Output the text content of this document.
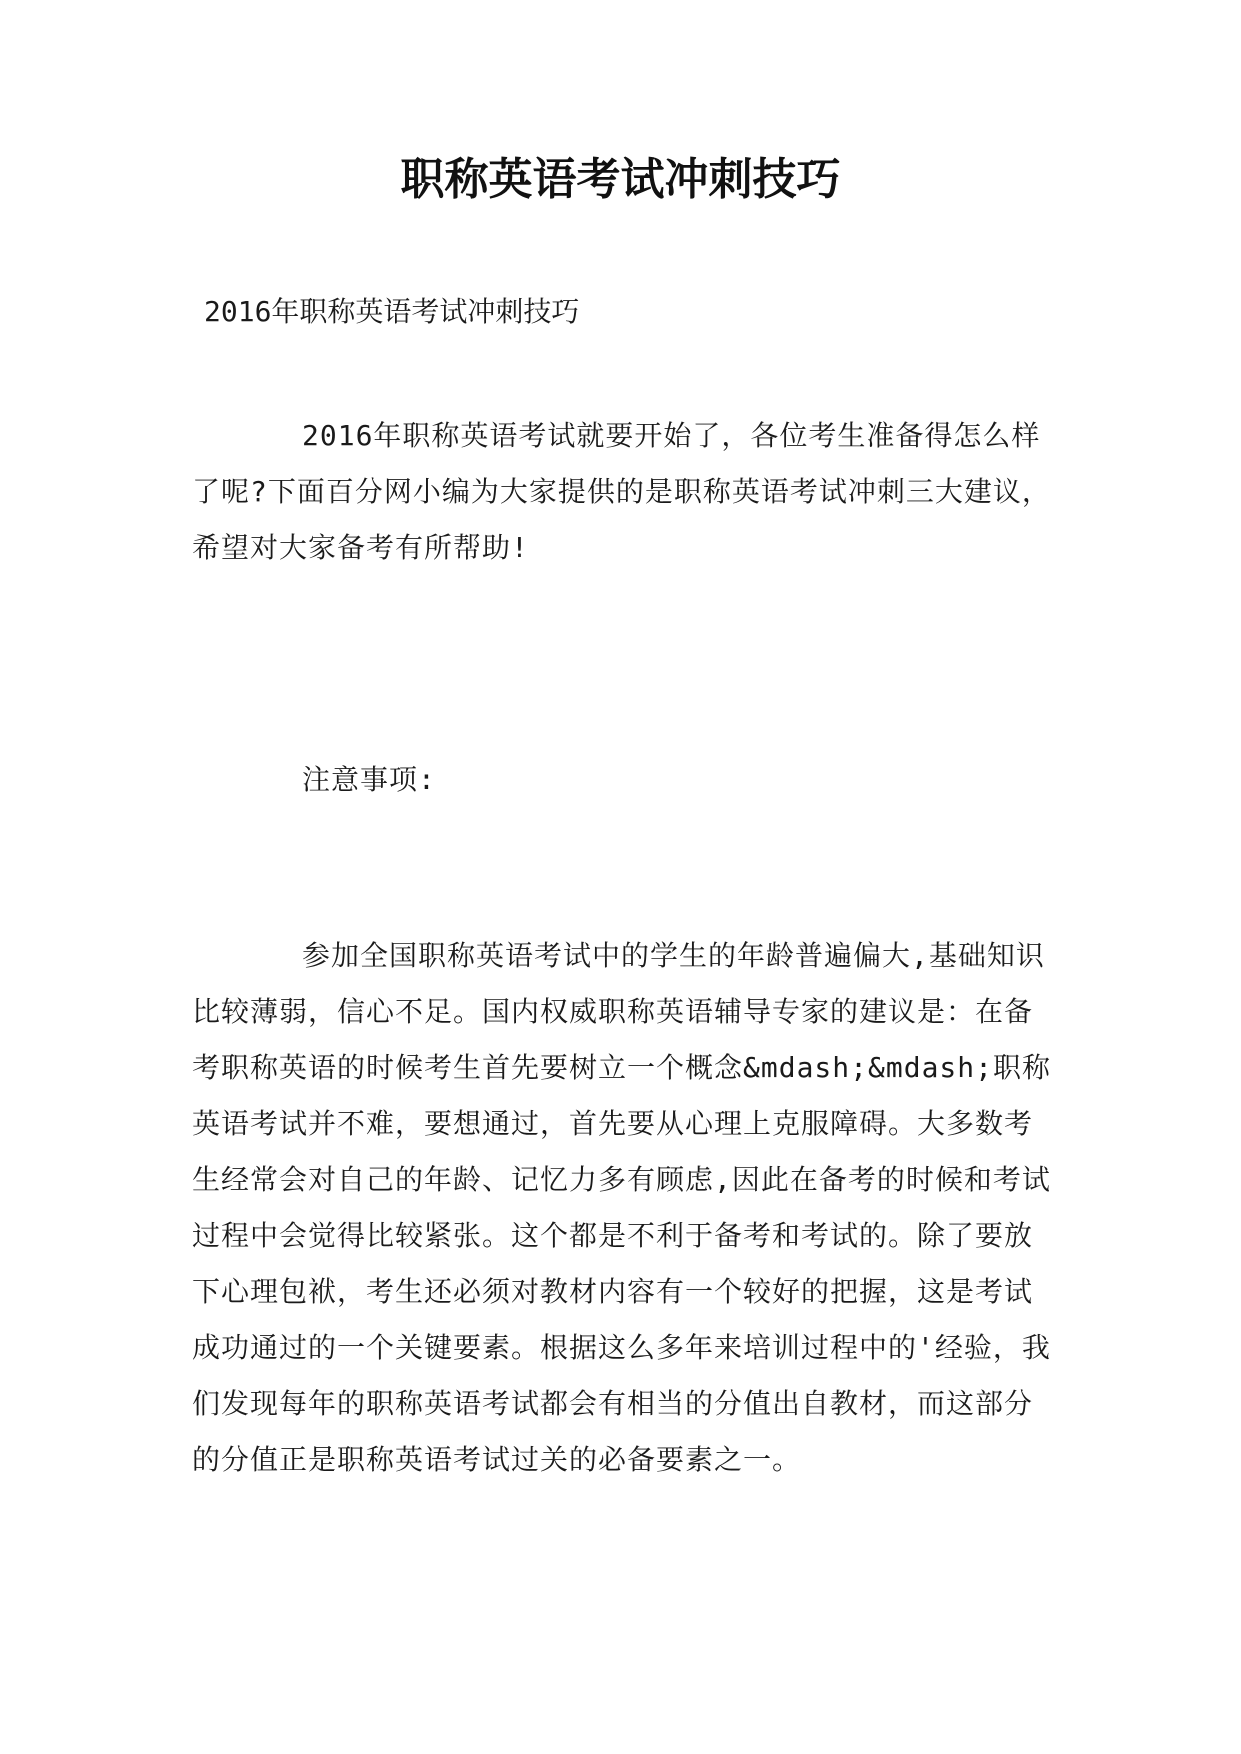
职称英语考试冲刺技巧

2016年职称英语考试冲刺技巧

2016年职称英语考试就要开始了，各位考生准备得怎么样了呢?下面百分网小编为大家提供的是职称英语考试冲刺三大建议，希望对大家备考有所帮助!

注意事项:

参加全国职称英语考试中的学生的年龄普遍偏大,基础知识比较薄弱，信心不足。国内权威职称英语辅导专家的建议是：在备考职称英语的时候考生首先要树立一个概念&mdash;&mdash;职称英语考试并不难，要想通过，首先要从心理上克服障碍。大多数考生经常会对自己的年龄、记忆力多有顾虑,因此在备考的时候和考试过程中会觉得比较紧张。这个都是不利于备考和考试的。除了要放下心理包袱，考生还必须对教材内容有一个较好的把握，这是考试成功通过的一个关键要素。根据这么多年来培训过程中的'经验，我们发现每年的职称英语考试都会有相当的分值出自教材，而这部分的分值正是职称英语考试过关的必备要素之一。
